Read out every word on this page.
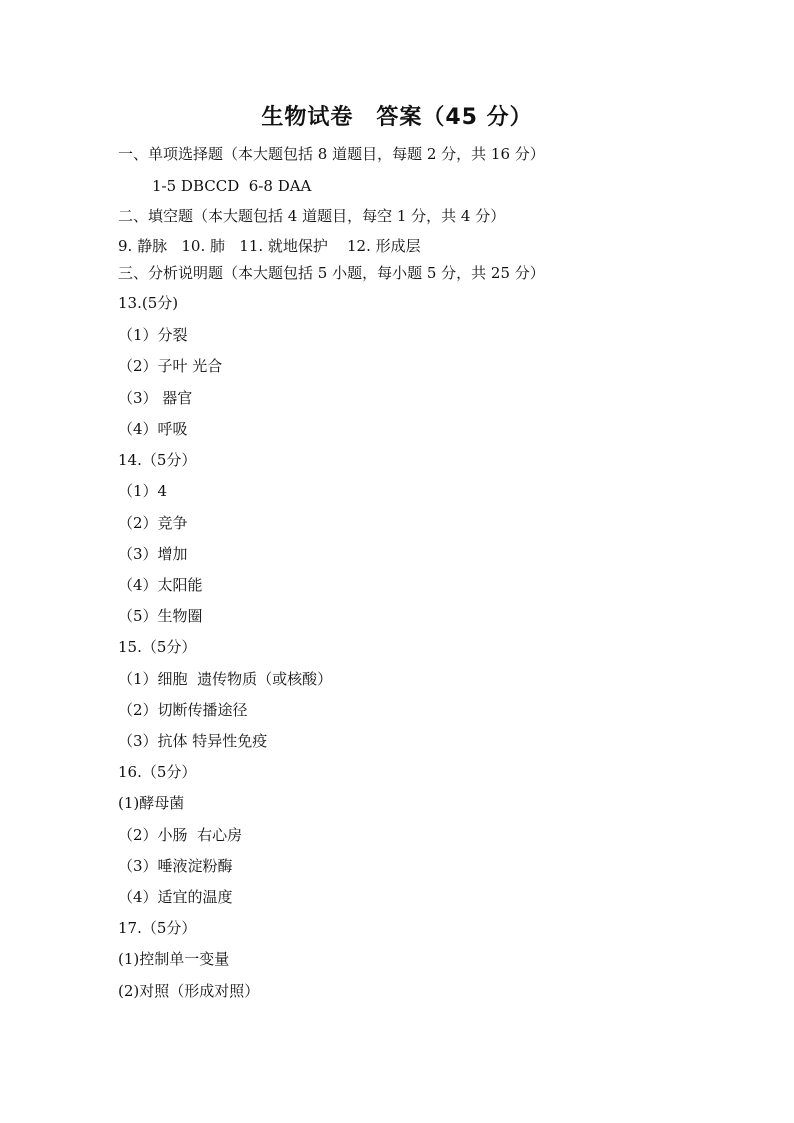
生物试卷　答案（45 分）
一、单项选择题（本大题包括 8 道题目，每题 2 分，共 16 分）
1-5 DBCCD  6-8 DAA
二、填空题（本大题包括 4 道题目，每空 1 分，共 4 分）
9. 静脉   10. 肺   11. 就地保护    12. 形成层
三、分析说明题（本大题包括 5 小题，每小题 5 分，共 25 分）
13.(5分)
（1）分裂
（2）子叶 光合
（3） 器官
（4）呼吸
14.（5分）
（1）4
（2）竞争
（3）增加
（4）太阳能
（5）生物圈
15.（5分）
（1）细胞  遗传物质（或核酸）
（2）切断传播途径
（3）抗体 特异性免疫
16.（5分）
(1)酵母菌
（2）小肠  右心房
（3）唾液淀粉酶
（4）适宜的温度
17.（5分）
(1)控制单一变量
(2)对照（形成对照）
